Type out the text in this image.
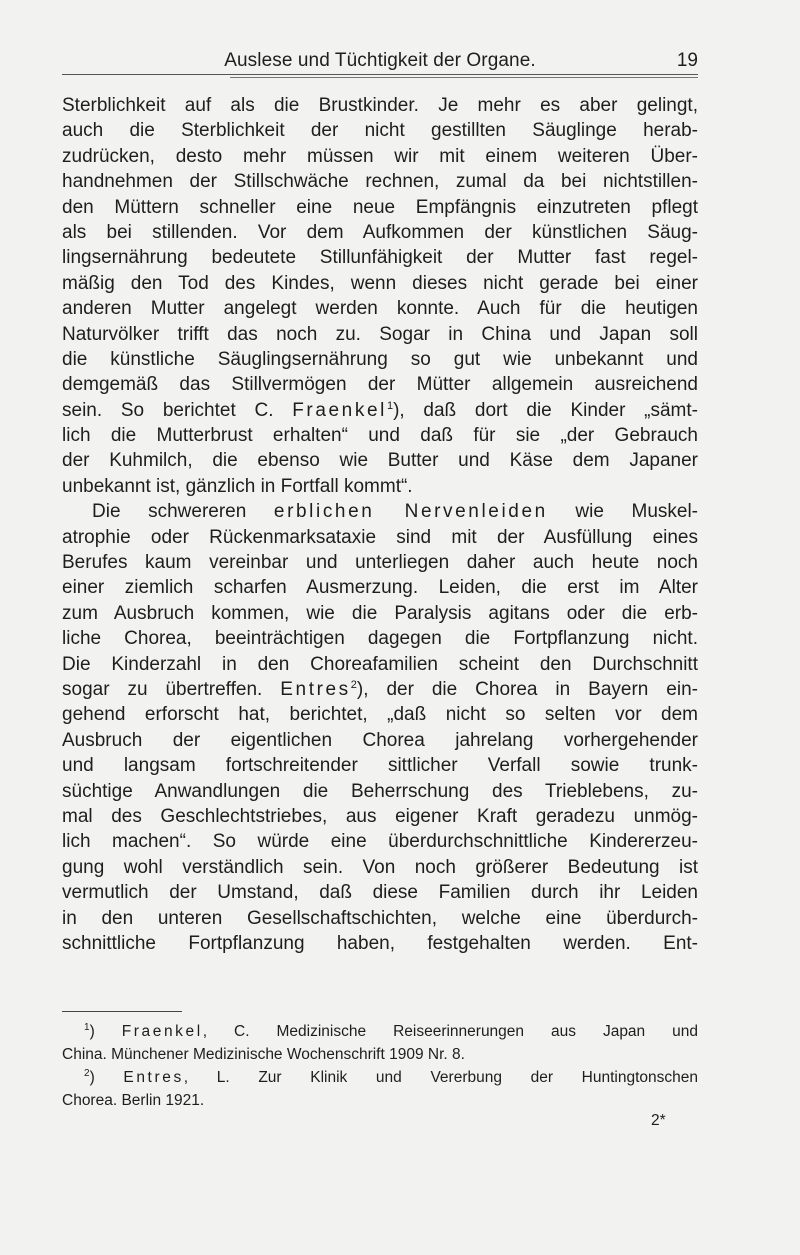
Auslese und Tüchtigkeit der Organe.	19
Sterblichkeit auf als die Brustkinder. Je mehr es aber gelingt,
auch die Sterblichkeit der nicht gestillten Säuglinge herab-
zudrücken, desto mehr müssen wir mit einem weiteren Über-
handnehmen der Stillschwäche rechnen, zumal da bei nichtstillen-
den Müttern schneller eine neue Empfängnis einzutreten pflegt
als bei stillenden. Vor dem Aufkommen der künstlichen Säug-
lingsernährung bedeutete Stillunfähigkeit der Mutter fast regel-
mäßig den Tod des Kindes, wenn dieses nicht gerade bei einer
anderen Mutter angelegt werden konnte. Auch für die heutigen
Naturvölker trifft das noch zu. Sogar in China und Japan soll
die künstliche Säuglingsernährung so gut wie unbekannt und
demgemäß das Stillvermögen der Mütter allgemein ausreichend
sein. So berichtet C. Fraenkel$^1$), daß dort die Kinder „sämt-
lich die Mutterbrust erhalten“ und daß für sie „der Gebrauch
der Kuhmilch, die ebenso wie Butter und Käse dem Japaner
unbekannt ist, gänzlich in Fortfall kommt“.
Die schwereren erblichen Nervenleiden wie Muskel-
atrophie oder Rückenmarksataxie sind mit der Ausfüllung eines
Berufes kaum vereinbar und unterliegen daher auch heute noch
einer ziemlich scharfen Ausmerzung. Leiden, die erst im Alter
zum Ausbruch kommen, wie die Paralysis agitans oder die erb-
liche Chorea, beeinträchtigen dagegen die Fortpflanzung nicht.
Die Kinderzahl in den Choreafamilien scheint den Durchschnitt
sogar zu übertreffen. Entres$^2$), der die Chorea in Bayern ein-
gehend erforscht hat, berichtet, „daß nicht so selten vor dem
Ausbruch der eigentlichen Chorea jahrelang vorhergehender
und langsam fortschreitender sittlicher Verfall sowie trunk-
süchtige Anwandlungen die Beherrschung des Trieblebens, zu-
mal des Geschlechtstriebes, aus eigener Kraft geradezu unmög-
lich machen“. So würde eine überdurchschnittliche Kindererzeu-
gung wohl verständlich sein. Von noch größerer Bedeutung ist
vermutlich der Umstand, daß diese Familien durch ihr Leiden
in den unteren Gesellschaftschichten, welche eine überdurch-
schnittliche Fortpflanzung haben, festgehalten werden. Ent-
$^1$) Fraenkel, C. Medizinische Reiseerinnerungen aus Japan und
China. Münchener Medizinische Wochenschrift 1909 Nr. 8.
$^2$) Entres, L. Zur Klinik und Vererbung der Huntingtonschen
Chorea. Berlin 1921.
2*
